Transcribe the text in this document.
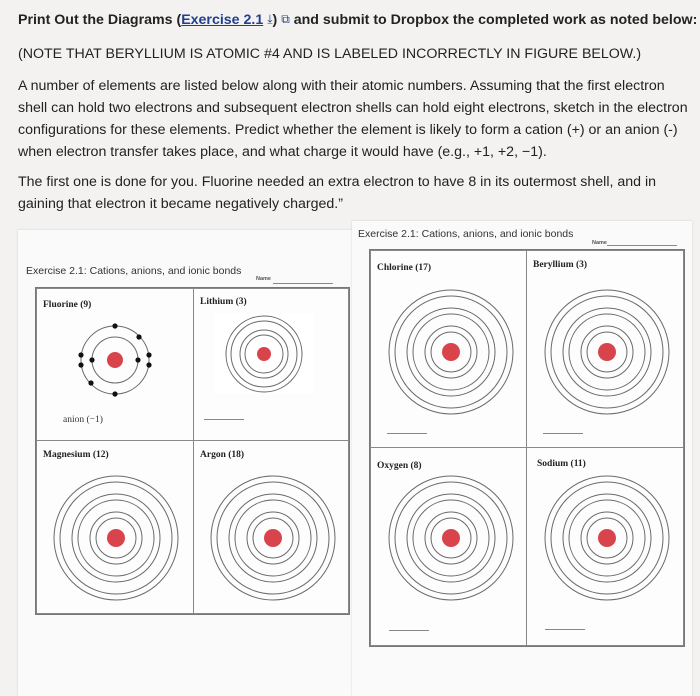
Print Out the Diagrams (Exercise 2.1 ⤓) ⧉ and submit to Dropbox the completed work as noted below:
(NOTE THAT BERYLLIUM IS ATOMIC #4 AND IS LABELED INCORRECTLY IN FIGURE BELOW.)
A number of elements are listed below along with their atomic numbers. Assuming that the first electron
shell can hold two electrons and subsequent electron shells can hold eight electrons, sketch in the electron
configurations for these elements. Predict whether the element is likely to form a cation (+) or an anion (-)
when electron transfer takes place, and what charge it would have (e.g., +1, +2, −1).
The first one is done for you. Fluorine needed an extra electron to have 8 in its outermost shell, and in
gaining that electron it became negatively charged.”
Exercise 2.1: Cations, anions, and ionic bonds
Name
Fluorine (9)
anion (−1)
Lithium (3)
Magnesium (12)	Argon (18)
Exercise 2.1: Cations, anions, and ionic bonds
Name
Chlorine (17)	Beryllium (3)
Oxygen (8)	Sodium (11)
